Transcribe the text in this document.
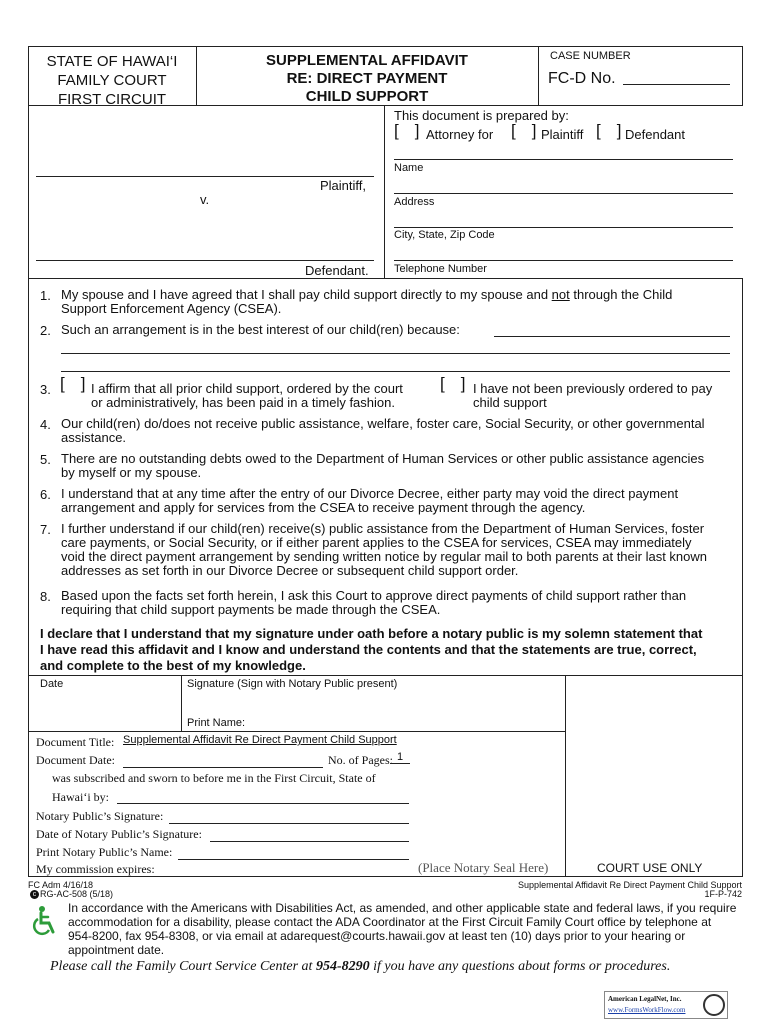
STATE OF HAWAI‘I
FAMILY COURT
FIRST CIRCUIT
SUPPLEMENTAL AFFIDAVIT
RE: DIRECT PAYMENT
CHILD SUPPORT
CASE NUMBER
FC-D No.
Plaintiff,
v.
Defendant.
This document is prepared by:
[ ] Attorney for [ ] Plaintiff [ ] Defendant
Name
Address
City, State, Zip Code
Telephone Number
1. My spouse and I have agreed that I shall pay child support directly to my spouse and not through the Child
Support Enforcement Agency (CSEA).
2. Such an arrangement is in the best interest of our child(ren) because:
3. [ ] I affirm that all prior child support, ordered by the court
or administratively, has been paid in a timely fashion.
[ ] I have not been previously ordered to pay
child support
4. Our child(ren) do/does not receive public assistance, welfare, foster care, Social Security, or other governmental
assistance.
5. There are no outstanding debts owed to the Department of Human Services or other public assistance agencies
by myself or my spouse.
6. I understand that at any time after the entry of our Divorce Decree, either party may void the direct payment
arrangement and apply for services from the CSEA to receive payment through the agency.
7. I further understand if our child(ren) receive(s) public assistance from the Department of Human Services, foster
care payments, or Social Security, or if either parent applies to the CSEA for services, CSEA may immediately
void the direct payment arrangement by sending written notice by regular mail to both parents at their last known
addresses as set forth in our Divorce Decree or subsequent child support order.
8. Based upon the facts set forth herein, I ask this Court to approve direct payments of child support rather than
requiring that child support payments be made through the CSEA.
I declare that I understand that my signature under oath before a notary public is my solemn statement that
I have read this affidavit and I know and understand the contents and that the statements are true, correct,
and complete to the best of my knowledge.
Date	Signature (Sign with Notary Public present)
Print Name:
Document Title: Supplemental Affidavit Re Direct Payment Child Support
Document Date:	No. of Pages: 1
was subscribed and sworn to before me in the First Circuit, State of
Hawai‘i by:
Notary Public’s Signature:
Date of Notary Public’s Signature:
Print Notary Public’s Name:
My commission expires:	(Place Notary Seal Here)	COURT USE ONLY
FC Adm 4/16/18
c RG-AC-508 (5/18)
Supplemental Affidavit Re Direct Payment Child Support
1F-P-742
In accordance with the Americans with Disabilities Act, as amended, and other applicable state and federal laws, if you require
accommodation for a disability, please contact the ADA Coordinator at the First Circuit Family Court office by telephone at
954-8200, fax 954-8308, or via email at adarequest@courts.hawaii.gov at least ten (10) days prior to your hearing or
appointment date.
Please call the Family Court Service Center at 954-8290 if you have any questions about forms or procedures.
American LegalNet, Inc.
www.FormsWorkFlow.com
